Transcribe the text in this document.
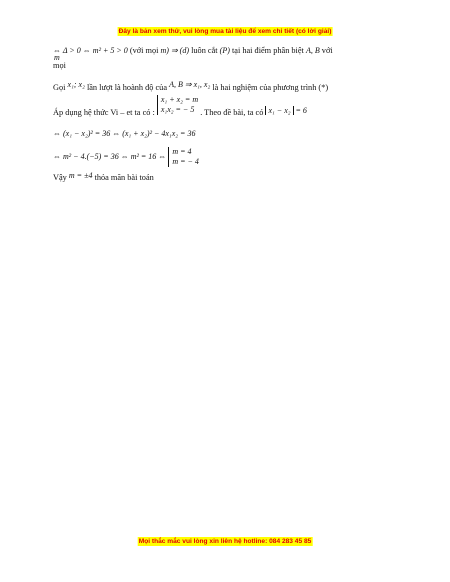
Đây là bản xem thử, vui lòng mua tài liệu để xem chi tiết (có lời giải)
⇔ Δ > 0 ⇔ m² + 5 > 0 (với mọi m) ⇒ (d) luôn cắt (P) tại hai điểm phân biệt A, B với
mọi m
Gọi x₁; x₂ lần lượt là hoành độ của A, B ⇒ x₁, x₂ là hai nghiệm của phương trình (*)
Áp dụng hệ thức Vi – et ta có : x₁ + x₂ = m
x₁x₂ = − 5 . Theo đề bài, ta có x₁ − x₂ = 6
⇔ (x₁ − x₂)² = 36 ⇔ (x₁ + x₂)² − 4x₁x₂ = 36
⇔ m² − 4.(−5) = 36 ⇔ m² = 16 ⇔ m = 4
m = − 4
Vậy m = ±4 thỏa mãn bài toán
Mọi thắc mắc vui lòng xin liên hệ hotline: 084 283 45 85
